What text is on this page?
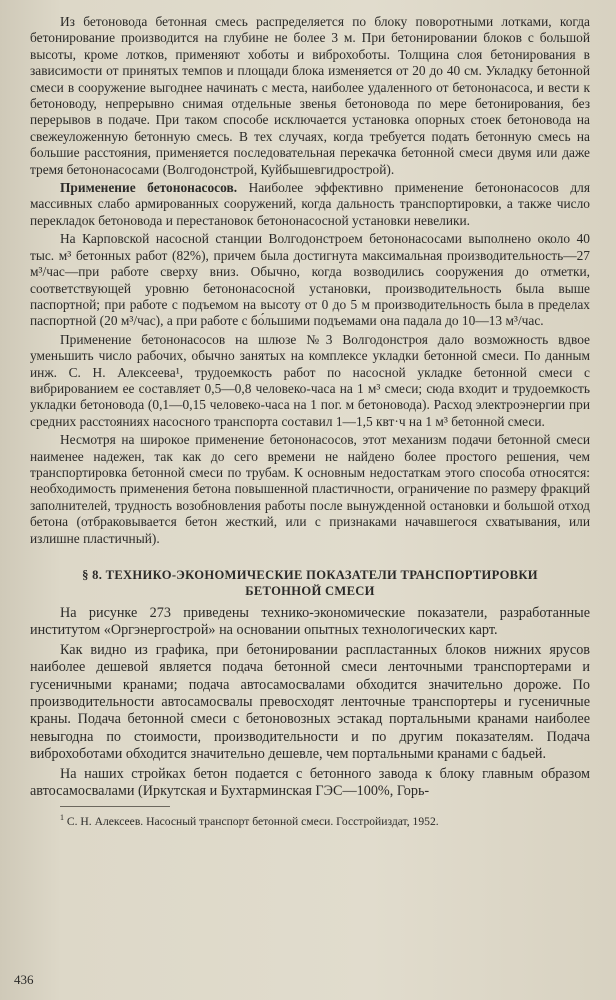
Из бетоновода бетонная смесь распределяется по блоку поворотными лотками, когда бетонирование производится на глубине не более 3 м. При бетонировании блоков с большой высоты, кроме лотков, применяют хоботы и виброхоботы. Толщина слоя бетонирования в зависимости от принятых темпов и площади блока изменяется от 20 до 40 см. Укладку бетонной смеси в сооружение выгоднее начинать с места, наиболее удаленного от бетононасоса, и вести к бетоноводу, непрерывно снимая отдельные звенья бетоновода по мере бетонирования, без перерывов в подаче. При таком способе исключается установка опорных стоек бетоновода на свежеуложенную бетонную смесь. В тех случаях, когда требуется подать бетонную смесь на большие расстояния, применяется последовательная перекачка бетонной смеси двумя или даже тремя бетононасосами (Волгодонстрой, Куйбышевгидрострой).

Применение бетононасосов. Наиболее эффективно применение бетононасосов для массивных слабо армированных сооружений, когда дальность транспортировки, а также число перекладок бетоновода и перестановок бетононасосной установки невелики.

На Карповской насосной станции Волгодонстроем бетононасосами выполнено около 40 тыс. м³ бетонных работ (82%), причем была достигнута максимальная производительность—27 м³/час—при работе сверху вниз. Обычно, когда возводились сооружения до отметки, соответствующей уровню бетононасосной установки, производительность была выше паспортной; при работе с подъемом на высоту от 0 до 5 м производительность была в пределах паспортной (20 м³/час), а при работе с бо́льшими подъемами она падала до 10—13 м³/час.

Применение бетононасосов на шлюзе №3 Волгодонстроя дало возможность вдвое уменьшить число рабочих, обычно занятых на комплексе укладки бетонной смеси. По данным инж. С. Н. Алексеева¹, трудоемкость работ по насосной укладке бетонной смеси с вибрированием ее составляет 0,5—0,8 человеко-часа на 1 м³ смеси; сюда входит и трудоемкость укладки бетоновода (0,1—0,15 человеко-часа на 1 пог. м бетоновода). Расход электроэнергии при средних расстояниях насосного транспорта составил 1—1,5 квт·ч на 1 м³ бетонной смеси.

Несмотря на широкое применение бетононасосов, этот механизм подачи бетонной смеси наименее надежен, так как до сего времени не найдено более простого решения, чем транспортировка бетонной смеси по трубам. К основным недостаткам этого способа относятся: необходимость применения бетона повышенной пластичности, ограничение по размеру фракций заполнителей, трудность возобновления работы после вынужденной остановки и большой отход бетона (отбраковывается бетон жесткий, или с признаками начавшегося схватывания, или излишне пластичный).

§ 8. ТЕХНИКО-ЭКОНОМИЧЕСКИЕ ПОКАЗАТЕЛИ ТРАНСПОРТИРОВКИ
БЕТОННОЙ СМЕСИ

На рисунке 273 приведены технико-экономические показатели, разработанные институтом «Оргэнергострой» на основании опытных технологических карт.

Как видно из графика, при бетонировании распластанных блоков нижних ярусов наиболее дешевой является подача бетонной смеси ленточными транспортерами и гусеничными кранами; подача автосамосвалами обходится значительно дороже. По производительности автосамосвалы превосходят ленточные транспортеры и гусеничные краны. Подача бетонной смеси с бетоновозных эстакад портальными кранами наиболее невыгодна по стоимости, производительности и по другим показателям. Подача виброхоботами обходится значительно дешевле, чем портальными кранами с бадьей.

На наших стройках бетон подается с бетонного завода к блоку главным образом автосамосвалами (Иркутская и Бухтарминская ГЭС—100%, Горь-

$^1$ С. Н. Алексеев. Насосный транспорт бетонной смеси. Госстройиздат, 1952.

436
